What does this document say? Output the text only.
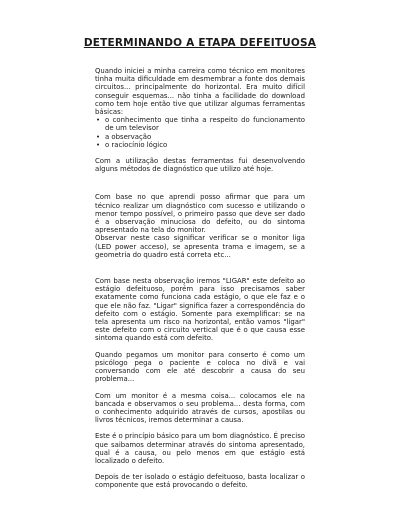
DETERMINANDO A ETAPA DEFEITUOSA

Quando iniciei a minha carreira como técnico em monitores tinha muita dificuldade em desmembrar a fonte dos demais circuitos... principalmente do horizontal. Era muito difícil conseguir esquemas... não tinha a facilidade do download como tem hoje então tive que utilizar algumas ferramentas básicas:

• o conhecimento que tinha a respeito do funcionamento de um televisor
• a observação
• o raciocínio lógico

Com a utilização destas ferramentas fui desenvolvendo alguns métodos de diagnóstico que utilizo até hoje.

Com base no que aprendi posso afirmar que para um técnico realizar um diagnóstico com sucesso e utilizando o menor tempo possível, o primeiro passo que deve ser dado é a observação minuciosa do defeito, ou do sintoma apresentado na tela do monitor.

Observar neste caso significar verificar se o monitor liga (LED power acceso), se apresenta trama e imagem, se a geometria do quadro está correta etc...

Com base nesta observação iremos "LIGAR" este defeito ao estágio defeituoso, porém para isso precisamos saber exatamente como funciona cada estágio, o que ele faz e o que ele não faz. "Ligar" significa fazer a correspondência do defeito com o estágio. Somente para exemplificar: se na tela apresenta um risco na horizontal, então vamos "ligar" este defeito com o circuito vertical que é o que causa esse sintoma quando está com defeito.

Quando pegamos um monitor para conserto é como um psicólogo pega o paciente e coloca no divã e vai conversando com ele até descobrir a causa do seu problema...

Com um monitor é a mesma coisa... colocamos ele na bancada e observamos o seu problema... desta forma, com o conhecimento adquirido através de cursos, apostilas ou livros técnicos, iremos determinar a causa.

Este é o princípio básico para um bom diagnóstico. É preciso que saibamos determinar através do sintoma apresentado, qual é a causa, ou pelo menos em que estágio está localizado o defeito.

Depois de ter isolado o estágio defeituoso, basta localizar o componente que está provocando o defeito.
